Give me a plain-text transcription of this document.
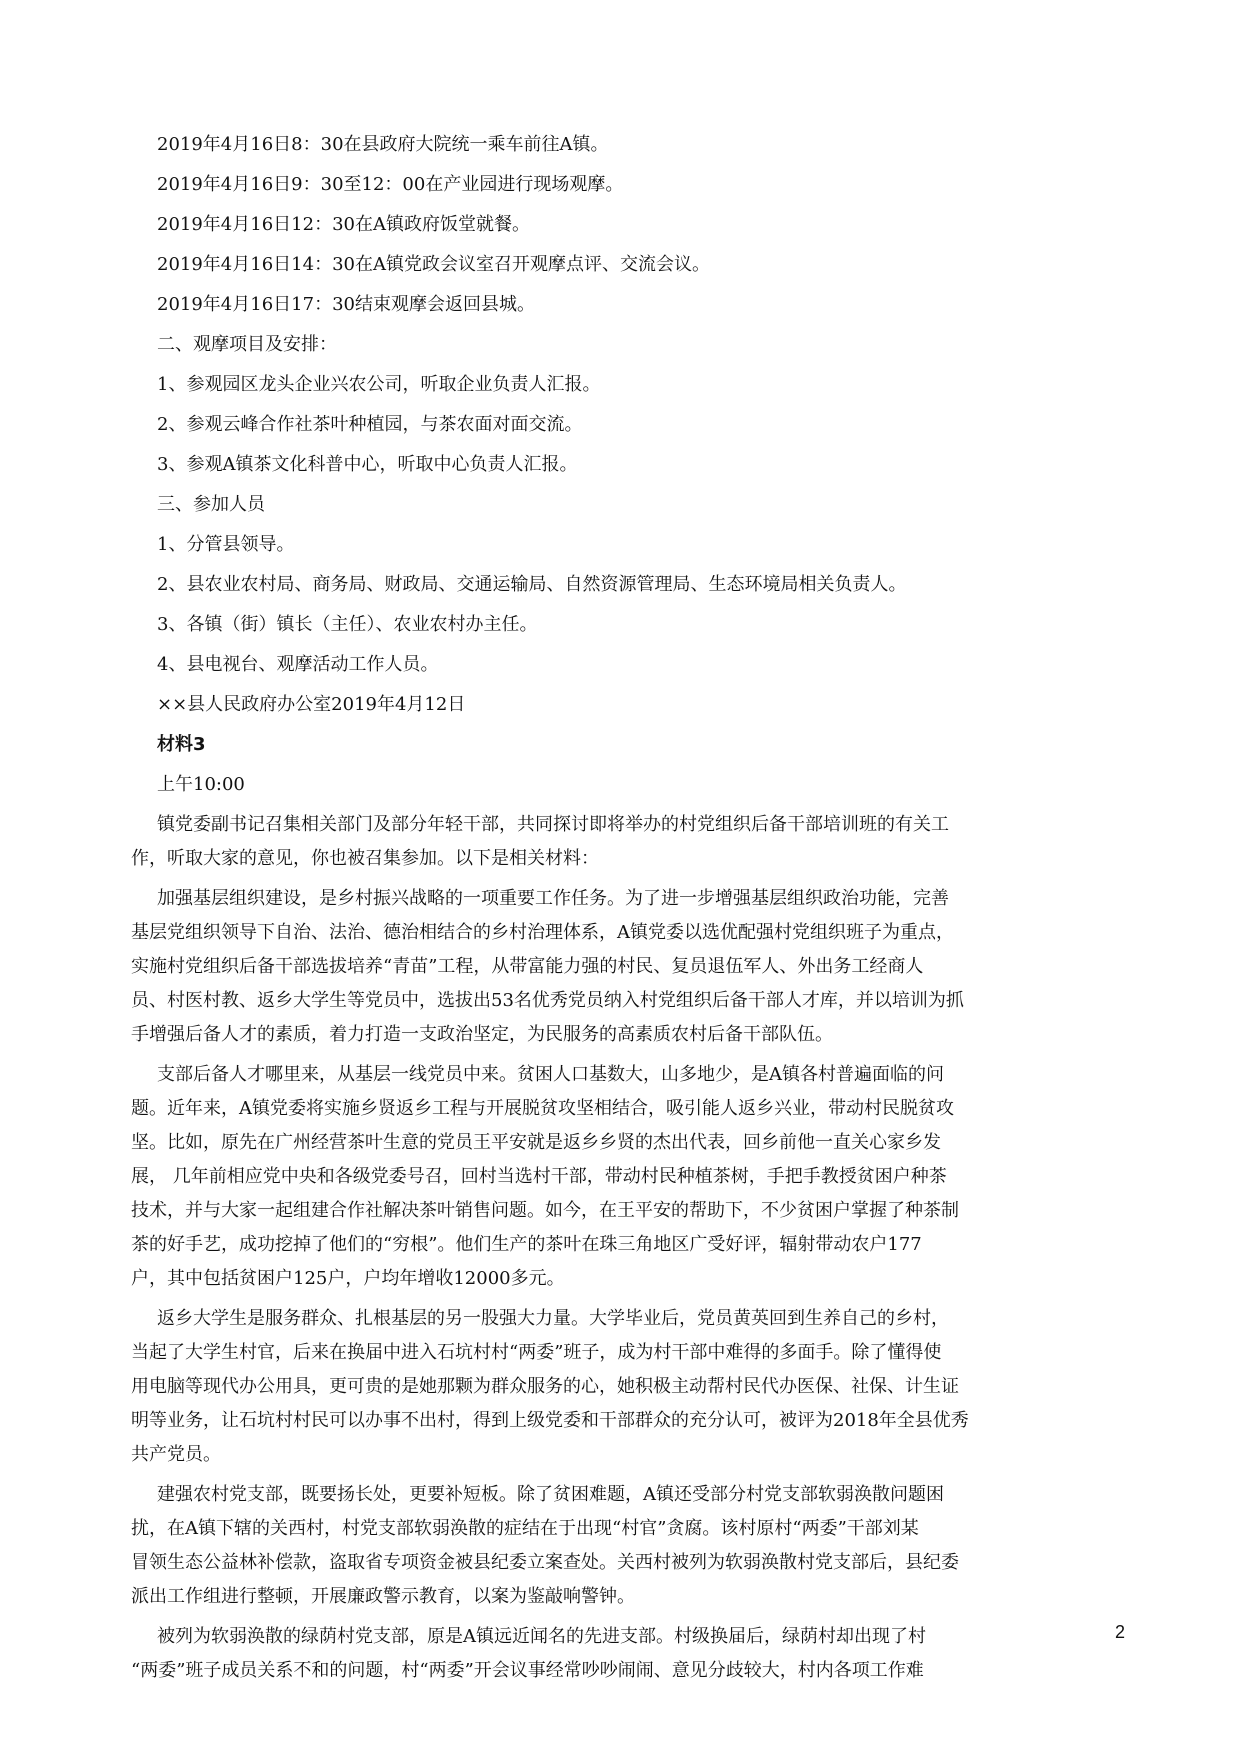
2019年4月16日8：30在县政府大院统一乘车前往A镇。
2019年4月16日9：30至12：00在产业园进行现场观摩。
2019年4月16日12：30在A镇政府饭堂就餐。
2019年4月16日14：30在A镇党政会议室召开观摩点评、交流会议。
2019年4月16日17：30结束观摩会返回县城。
二、观摩项目及安排：
1、参观园区龙头企业兴农公司，听取企业负责人汇报。
2、参观云峰合作社茶叶种植园，与茶农面对面交流。
3、参观A镇茶文化科普中心，听取中心负责人汇报。
三、参加人员
1、分管县领导。
2、县农业农村局、商务局、财政局、交通运输局、自然资源管理局、生态环境局相关负责人。
3、各镇（街）镇长（主任）、农业农村办主任。
4、县电视台、观摩活动工作人员。
××县人民政府办公室2019年4月12日
材料3
上午10:00
镇党委副书记召集相关部门及部分年轻干部，共同探讨即将举办的村党组织后备干部培训班的有关工
作，听取大家的意见，你也被召集参加。以下是相关材料：
加强基层组织建设，是乡村振兴战略的一项重要工作任务。为了进一步增强基层组织政治功能，完善
基层党组织领导下自治、法治、德治相结合的乡村治理体系，A镇党委以选优配强村党组织班子为重点，
实施村党组织后备干部选拔培养“青苗”工程，从带富能力强的村民、复员退伍军人、外出务工经商人
员、村医村教、返乡大学生等党员中，选拔出53名优秀党员纳入村党组织后备干部人才库，并以培训为抓
手增强后备人才的素质，着力打造一支政治坚定，为民服务的高素质农村后备干部队伍。
支部后备人才哪里来，从基层一线党员中来。贫困人口基数大，山多地少，是A镇各村普遍面临的问
题。近年来，A镇党委将实施乡贤返乡工程与开展脱贫攻坚相结合，吸引能人返乡兴业，带动村民脱贫攻
坚。比如，原先在广州经营茶叶生意的党员王平安就是返乡乡贤的杰出代表，回乡前他一直关心家乡发
展， 几年前相应党中央和各级党委号召，回村当选村干部，带动村民种植茶树，手把手教授贫困户种茶
技术，并与大家一起组建合作社解决茶叶销售问题。如今，在王平安的帮助下，不少贫困户掌握了种茶制
茶的好手艺，成功挖掉了他们的“穷根”。他们生产的茶叶在珠三角地区广受好评，辐射带动农户177
户，其中包括贫困户125户，户均年增收12000多元。
返乡大学生是服务群众、扎根基层的另一股强大力量。大学毕业后，党员黄英回到生养自己的乡村，
当起了大学生村官，后来在换届中进入石坑村村“两委”班子，成为村干部中难得的多面手。除了懂得使
用电脑等现代办公用具，更可贵的是她那颗为群众服务的心，她积极主动帮村民代办医保、社保、计生证
明等业务，让石坑村村民可以办事不出村，得到上级党委和干部群众的充分认可，被评为2018年全县优秀
共产党员。
建强农村党支部，既要扬长处，更要补短板。除了贫困难题，A镇还受部分村党支部软弱涣散问题困
扰，在A镇下辖的关西村，村党支部软弱涣散的症结在于出现“村官”贪腐。该村原村“两委”干部刘某
冒领生态公益林补偿款，盗取省专项资金被县纪委立案查处。关西村被列为软弱涣散村党支部后，县纪委
派出工作组进行整顿，开展廉政警示教育，以案为鉴敲响警钟。
被列为软弱涣散的绿荫村党支部，原是A镇远近闻名的先进支部。村级换届后，绿荫村却出现了村
“两委”班子成员关系不和的问题，村“两委”开会议事经常吵吵闹闹、意见分歧较大，村内各项工作难
2
